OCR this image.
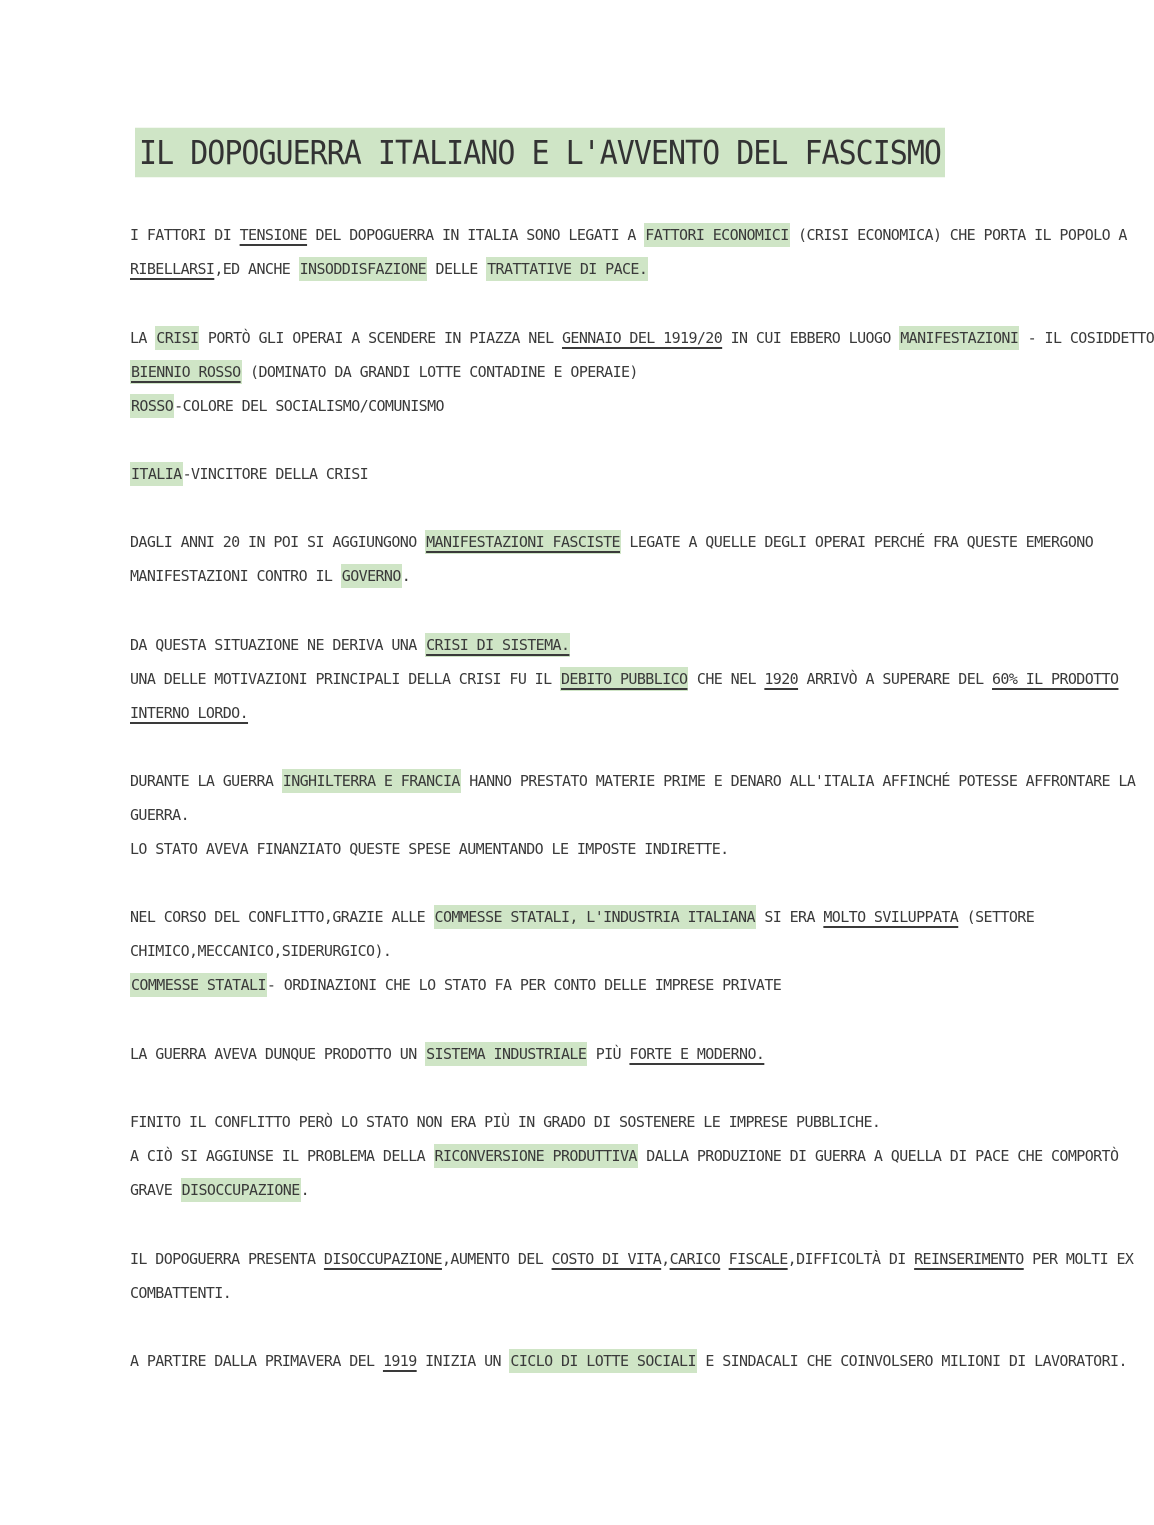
IL DOPOGUERRA ITALIANO E L'AVVENTO DEL FASCISMO
I FATTORI DI TENSIONE DEL DOPOGUERRA IN ITALIA SONO LEGATI A FATTORI ECONOMICI (CRISI ECONOMICA) CHE PORTA IL POPOLO A
RIBELLARSI,ED ANCHE INSODDISFAZIONE DELLE TRATTATIVE DI PACE.
LA CRISI PORTÒ GLI OPERAI A SCENDERE IN PIAZZA NEL GENNAIO DEL 1919/20 IN CUI EBBERO LUOGO MANIFESTAZIONI - IL COSIDDETTO
BIENNIO ROSSO (DOMINATO DA GRANDI LOTTE CONTADINE E OPERAIE)
ROSSO-COLORE DEL SOCIALISMO/COMUNISMO
ITALIA-VINCITORE DELLA CRISI
DAGLI ANNI 20 IN POI SI AGGIUNGONO MANIFESTAZIONI FASCISTE LEGATE A QUELLE DEGLI OPERAI PERCHÉ FRA QUESTE EMERGONO
MANIFESTAZIONI CONTRO IL GOVERNO.
DA QUESTA SITUAZIONE NE DERIVA UNA CRISI DI SISTEMA.
UNA DELLE MOTIVAZIONI PRINCIPALI DELLA CRISI FU IL DEBITO PUBBLICO CHE NEL 1920 ARRIVÒ A SUPERARE DEL 60% IL PRODOTTO
INTERNO LORDO.
DURANTE LA GUERRA INGHILTERRA E FRANCIA HANNO PRESTATO MATERIE PRIME E DENARO ALL'ITALIA AFFINCHÉ POTESSE AFFRONTARE LA
GUERRA.
LO STATO AVEVA FINANZIATO QUESTE SPESE AUMENTANDO LE IMPOSTE INDIRETTE.
NEL CORSO DEL CONFLITTO,GRAZIE ALLE COMMESSE STATALI, L'INDUSTRIA ITALIANA SI ERA MOLTO SVILUPPATA (SETTORE
CHIMICO,MECCANICO,SIDERURGICO).
COMMESSE STATALI- ORDINAZIONI CHE LO STATO FA PER CONTO DELLE IMPRESE PRIVATE
LA GUERRA AVEVA DUNQUE PRODOTTO UN SISTEMA INDUSTRIALE PIÙ FORTE E MODERNO.
FINITO IL CONFLITTO PERÒ LO STATO NON ERA PIÙ IN GRADO DI SOSTENERE LE IMPRESE PUBBLICHE.
A CIÒ SI AGGIUNSE IL PROBLEMA DELLA RICONVERSIONE PRODUTTIVA DALLA PRODUZIONE DI GUERRA A QUELLA DI PACE CHE COMPORTÒ
GRAVE DISOCCUPAZIONE.
IL DOPOGUERRA PRESENTA DISOCCUPAZIONE,AUMENTO DEL COSTO DI VITA,CARICO FISCALE,DIFFICOLTÀ DI REINSERIMENTO PER MOLTI EX
COMBATTENTI.
A PARTIRE DALLA PRIMAVERA DEL 1919 INIZIA UN CICLO DI LOTTE SOCIALI E SINDACALI CHE COINVOLSERO MILIONI DI LAVORATORI.
